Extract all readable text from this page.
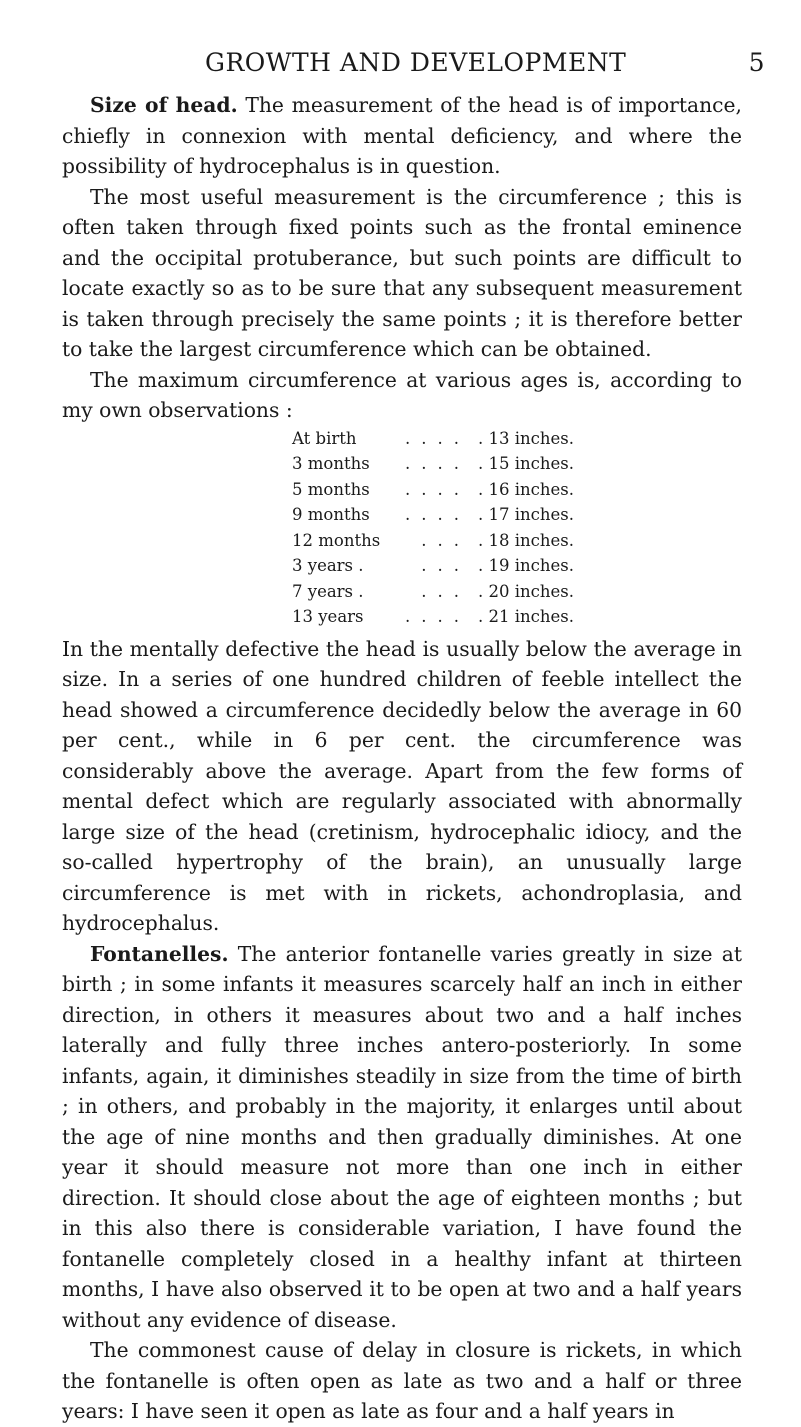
GROWTH AND DEVELOPMENT	5

Size of head. The measurement of the head is of importance, chiefly in connexion with mental deficiency, and where the possibility of hydrocephalus is in question.

The most useful measurement is the circumference ; this is often taken through fixed points such as the frontal eminence and the occipital protuberance, but such points are difficult to locate exactly so as to be sure that any subsequent measurement is taken through precisely the same points ; it is therefore better to take the largest circumference which can be obtained.

The maximum circumference at various ages is, according to my own observations :

At birth	....	. 13 inches.
3 months	....	. 15 inches.
5 months	....	. 16 inches.
9 months	....	. 17 inches.
12 months	...	. 18 inches.
3 years .	...	. 19 inches.
7 years .	...	. 20 inches.
13 years	....	. 21 inches.

In the mentally defective the head is usually below the average in size. In a series of one hundred children of feeble intellect the head showed a circumference decidedly below the average in 60 per cent., while in 6 per cent. the circumference was considerably above the average. Apart from the few forms of mental defect which are regularly associated with abnormally large size of the head (cretinism, hydrocephalic idiocy, and the so-called hypertrophy of the brain), an unusually large circumference is met with in rickets, achondroplasia, and hydrocephalus.

Fontanelles. The anterior fontanelle varies greatly in size at birth ; in some infants it measures scarcely half an inch in either direction, in others it measures about two and a half inches laterally and fully three inches antero-posteriorly. In some infants, again, it diminishes steadily in size from the time of birth ; in others, and probably in the majority, it enlarges until about the age of nine months and then gradually diminishes. At one year it should measure not more than one inch in either direction. It should close about the age of eighteen months ; but in this also there is considerable variation, I have found the fontanelle completely closed in a healthy infant at thirteen months, I have also observed it to be open at two and a half years without any evidence of disease.

The commonest cause of delay in closure is rickets, in which the fontanelle is often open as late as two and a half or three years: I have seen it open as late as four and a half years in
